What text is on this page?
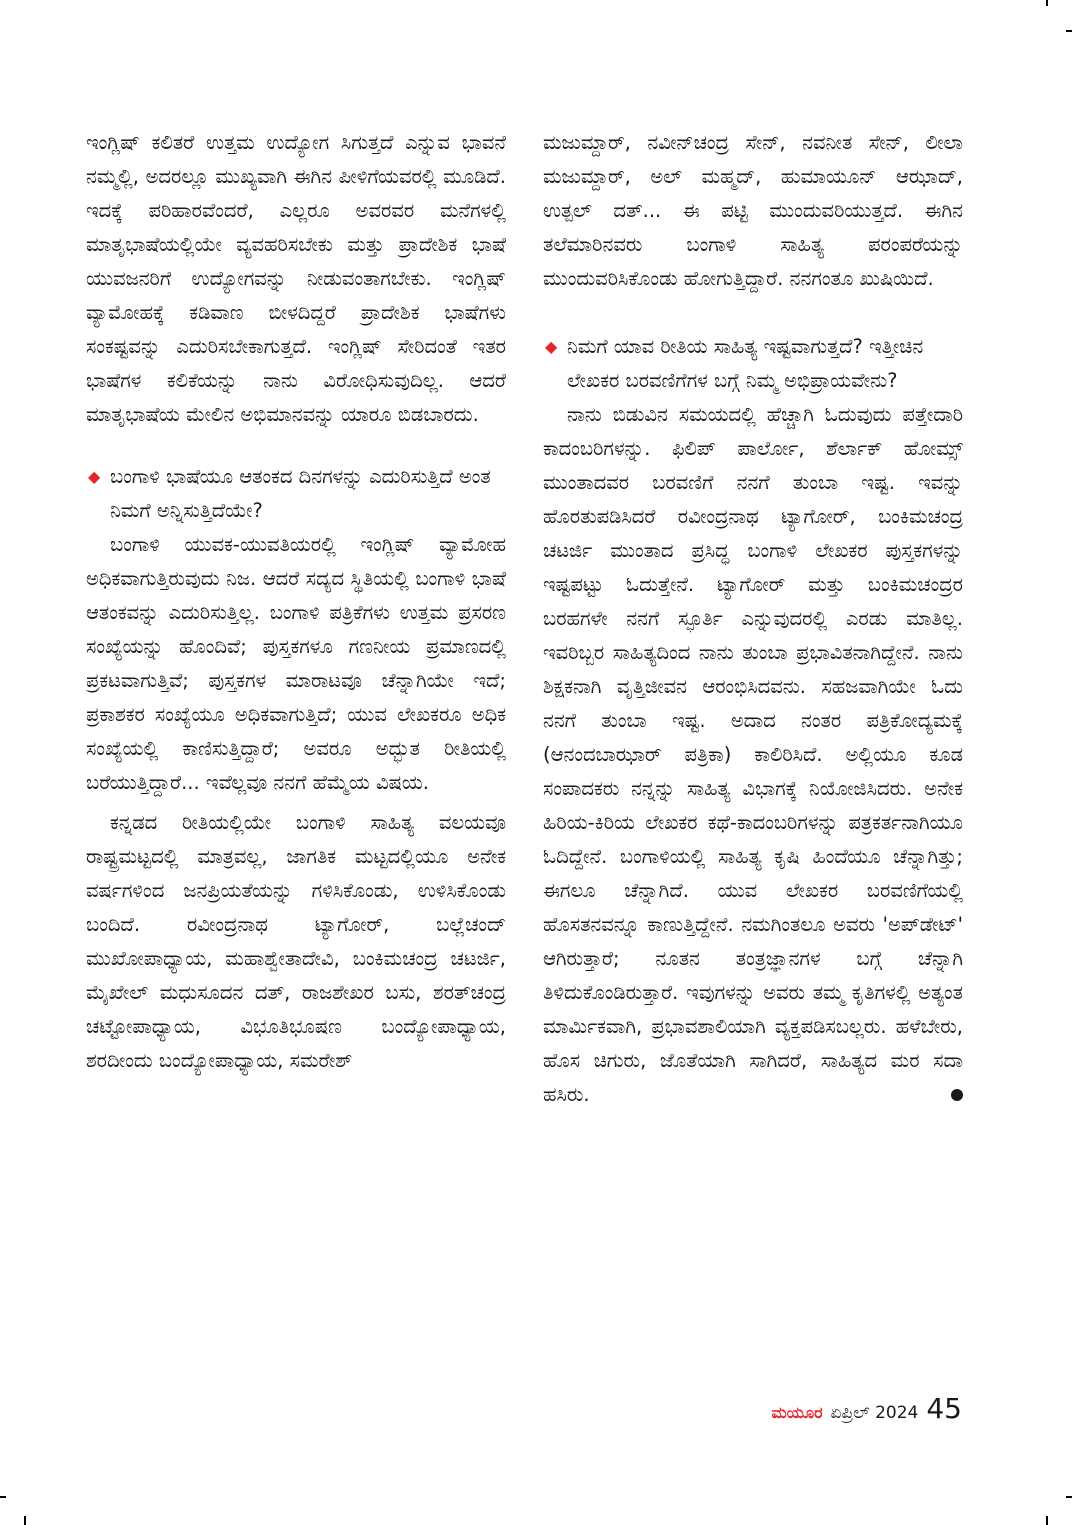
ಇಂಗ್ಲಿಷ್ ಕಲಿತರೆ ಉತ್ತಮ ಉದ್ಯೋಗ ಸಿಗುತ್ತದೆ ಎನ್ನುವ ಭಾವನೆ ನಮ್ಮಲ್ಲಿ, ಅದರಲ್ಲೂ ಮುಖ್ಯವಾಗಿ ಈಗಿನ ಪೀಳಿಗೆಯವರಲ್ಲಿ ಮೂಡಿದೆ. ಇದಕ್ಕೆ ಪರಿಹಾರವೆಂದರೆ, ಎಲ್ಲರೂ ಅವರವರ ಮನೆಗಳಲ್ಲಿ ಮಾತೃಭಾಷೆಯಲ್ಲಿಯೇ ವ್ಯವಹರಿಸಬೇಕು ಮತ್ತು ಪ್ರಾದೇಶಿಕ ಭಾಷೆ ಯುವಜನರಿಗೆ ಉದ್ಯೋಗವನ್ನು ನೀಡುವಂತಾಗಬೇಕು. ಇಂಗ್ಲಿಷ್ ವ್ಯಾಮೋಹಕ್ಕೆ ಕಡಿವಾಣ ಬೀಳದಿದ್ದರೆ ಪ್ರಾದೇಶಿಕ ಭಾಷೆಗಳು ಸಂಕಷ್ಟವನ್ನು ಎದುರಿಸಬೇಕಾಗುತ್ತದೆ. ಇಂಗ್ಲಿಷ್ ಸೇರಿದಂತೆ ಇತರ ಭಾಷೆಗಳ ಕಲಿಕೆಯನ್ನು ನಾನು ವಿರೋಧಿಸುವುದಿಲ್ಲ. ಆದರೆ ಮಾತೃಭಾಷೆಯ ಮೇಲಿನ ಅಭಿಮಾನವನ್ನು ಯಾರೂ ಬಿಡಬಾರದು.

◆ ಬಂಗಾಳಿ ಭಾಷೆಯೂ ಆತಂಕದ ದಿನಗಳನ್ನು ಎದುರಿಸುತ್ತಿದೆ ಅಂತ ನಿಮಗೆ ಅನ್ನಿಸುತ್ತಿದೆಯೇ?

ಬಂಗಾಳಿ ಯುವಕ-ಯುವತಿಯರಲ್ಲಿ ಇಂಗ್ಲಿಷ್ ವ್ಯಾಮೋಹ ಅಧಿಕವಾಗುತ್ತಿರುವುದು ನಿಜ. ಆದರೆ ಸದ್ಯದ ಸ್ಥಿತಿಯಲ್ಲಿ ಬಂಗಾಳಿ ಭಾಷೆ ಆತಂಕವನ್ನು ಎದುರಿಸುತ್ತಿಲ್ಲ. ಬಂಗಾಳಿ ಪತ್ರಿಕೆಗಳು ಉತ್ತಮ ಪ್ರಸರಣ ಸಂಖ್ಯೆಯನ್ನು ಹೊಂದಿವೆ; ಪುಸ್ತಕಗಳೂ ಗಣನೀಯ ಪ್ರಮಾಣದಲ್ಲಿ ಪ್ರಕಟವಾಗುತ್ತಿವೆ; ಪುಸ್ತಕಗಳ ಮಾರಾಟವೂ ಚೆನ್ನಾಗಿಯೇ ಇದೆ; ಪ್ರಕಾಶಕರ ಸಂಖ್ಯೆಯೂ ಅಧಿಕವಾಗುತ್ತಿದೆ; ಯುವ ಲೇಖಕರೂ ಅಧಿಕ ಸಂಖ್ಯೆಯಲ್ಲಿ ಕಾಣಿಸುತ್ತಿದ್ದಾರೆ; ಅವರೂ ಅದ್ಭುತ ರೀತಿಯಲ್ಲಿ ಬರೆಯುತ್ತಿದ್ದಾರೆ... ಇವೆಲ್ಲವೂ ನನಗೆ ಹೆಮ್ಮೆಯ ವಿಷಯ.

ಕನ್ನಡದ ರೀತಿಯಲ್ಲಿಯೇ ಬಂಗಾಳಿ ಸಾಹಿತ್ಯ ವಲಯವೂ ರಾಷ್ಟ್ರಮಟ್ಟದಲ್ಲಿ ಮಾತ್ರವಲ್ಲ, ಜಾಗತಿಕ ಮಟ್ಟದಲ್ಲಿಯೂ ಅನೇಕ ವರ್ಷಗಳಿಂದ ಜನಪ್ರಿಯತೆಯನ್ನು ಗಳಿಸಿಕೊಂಡು, ಉಳಿಸಿಕೊಂಡು ಬಂದಿದೆ. ರವೀಂದ್ರನಾಥ ಟ್ಯಾಗೋರ್, ಬಲ್ಲೆಚಂದ್ ಮುಖೋಪಾಧ್ಯಾಯ, ಮಹಾಶ್ವೇತಾದೇವಿ, ಬಂಕಿಮಚಂದ್ರ ಚಟರ್ಜಿ, ಮೈಖೇಲ್ ಮಧುಸೂದನ ದತ್, ರಾಜಶೇಖರ ಬಸು, ಶರತ್‌ಚಂದ್ರ ಚಟ್ಟೋಪಾಧ್ಯಾಯ, ವಿಭೂತಿಭೂಷಣ ಬಂದ್ಯೋಪಾಧ್ಯಾಯ, ಶರದೀಂದು ಬಂದ್ಯೋಪಾಧ್ಯಾಯ, ಸಮರೇಶ್

ಮಜುಮ್ದಾರ್, ನವೀನ್‌ಚಂದ್ರ ಸೇನ್, ನವನೀತ ಸೇನ್, ಲೀಲಾ ಮಜುಮ್ದಾರ್, ಅಲ್ ಮಹ್ಮದ್, ಹುಮಾಯೂನ್ ಆಝಾದ್, ಉತ್ಪಲ್ ದತ್... ಈ ಪಟ್ಟಿ ಮುಂದುವರಿಯುತ್ತದೆ. ಈಗಿನ ತಲೆಮಾರಿನವರು ಬಂಗಾಳಿ ಸಾಹಿತ್ಯ ಪರಂಪರೆಯನ್ನು ಮುಂದುವರಿಸಿಕೊಂಡು ಹೋಗುತ್ತಿದ್ದಾರೆ. ನನಗಂತೂ ಖುಷಿಯಿದೆ.

◆ ನಿಮಗೆ ಯಾವ ರೀತಿಯ ಸಾಹಿತ್ಯ ಇಷ್ಟವಾಗುತ್ತದೆ? ಇತ್ತೀಚಿನ ಲೇಖಕರ ಬರವಣಿಗೆಗಳ ಬಗ್ಗೆ ನಿಮ್ಮ ಅಭಿಪ್ರಾಯವೇನು?

ನಾನು ಬಿಡುವಿನ ಸಮಯದಲ್ಲಿ ಹೆಚ್ಚಾಗಿ ಓದುವುದು ಪತ್ತೇದಾರಿ ಕಾದಂಬರಿಗಳನ್ನು. ಫಿಲಿಪ್ ಪಾರ್ಲೋ, ಶೆರ್ಲಾಕ್ ಹೋಮ್ಸ್ ಮುಂತಾದವರ ಬರವಣಿಗೆ ನನಗೆ ತುಂಬಾ ಇಷ್ಟ. ಇವನ್ನು ಹೊರತುಪಡಿಸಿದರೆ ರವೀಂದ್ರನಾಥ ಟ್ಯಾಗೋರ್, ಬಂಕಿಮಚಂದ್ರ ಚಟರ್ಜಿ ಮುಂತಾದ ಪ್ರಸಿದ್ಧ ಬಂಗಾಳಿ ಲೇಖಕರ ಪುಸ್ತಕಗಳನ್ನು ಇಷ್ಟಪಟ್ಟು ಓದುತ್ತೇನೆ. ಟ್ಯಾಗೋರ್ ಮತ್ತು ಬಂಕಿಮಚಂದ್ರರ ಬರಹಗಳೇ ನನಗೆ ಸ್ಫೂರ್ತಿ ಎನ್ನುವುದರಲ್ಲಿ ಎರಡು ಮಾತಿಲ್ಲ. ಇವರಿಬ್ಬರ ಸಾಹಿತ್ಯದಿಂದ ನಾನು ತುಂಬಾ ಪ್ರಭಾವಿತನಾಗಿದ್ದೇನೆ. ನಾನು ಶಿಕ್ಷಕನಾಗಿ ವೃತ್ತಿಜೀವನ ಆರಂಭಿಸಿದವನು. ಸಹಜವಾಗಿಯೇ ಓದು ನನಗೆ ತುಂಬಾ ಇಷ್ಟ. ಅದಾದ ನಂತರ ಪತ್ರಿಕೋದ್ಯಮಕ್ಕೆ (ಆನಂದಬಾಝಾರ್ ಪತ್ರಿಕಾ) ಕಾಲಿರಿಸಿದೆ. ಅಲ್ಲಿಯೂ ಕೂಡ ಸಂಪಾದಕರು ನನ್ನನ್ನು ಸಾಹಿತ್ಯ ವಿಭಾಗಕ್ಕೆ ನಿಯೋಜಿಸಿದರು. ಅನೇಕ ಹಿರಿಯ-ಕಿರಿಯ ಲೇಖಕರ ಕಥೆ-ಕಾದಂಬರಿಗಳನ್ನು ಪತ್ರಕರ್ತನಾಗಿಯೂ ಓದಿದ್ದೇನೆ. ಬಂಗಾಳಿಯಲ್ಲಿ ಸಾಹಿತ್ಯ ಕೃಷಿ ಹಿಂದೆಯೂ ಚೆನ್ನಾಗಿತ್ತು; ಈಗಲೂ ಚೆನ್ನಾಗಿದೆ. ಯುವ ಲೇಖಕರ ಬರವಣಿಗೆಯಲ್ಲಿ ಹೊಸತನವನ್ನೂ ಕಾಣುತ್ತಿದ್ದೇನೆ. ನಮಗಿಂತಲೂ ಅವರು 'ಅಪ್‌ಡೇಟ್' ಆಗಿರುತ್ತಾರೆ; ನೂತನ ತಂತ್ರಜ್ಞಾನಗಳ ಬಗ್ಗೆ ಚೆನ್ನಾಗಿ ತಿಳಿದುಕೊಂಡಿರುತ್ತಾರೆ. ಇವುಗಳನ್ನು ಅವರು ತಮ್ಮ ಕೃತಿಗಳಲ್ಲಿ ಅತ್ಯಂತ ಮಾರ್ಮಿಕವಾಗಿ, ಪ್ರಭಾವಶಾಲಿಯಾಗಿ ವ್ಯಕ್ತಪಡಿಸಬಲ್ಲರು. ಹಳೆಬೇರು, ಹೊಸ ಚಿಗುರು, ಜೊತೆಯಾಗಿ ಸಾಗಿದರೆ, ಸಾಹಿತ್ಯದ ಮರ ಸದಾ ಹಸಿರು.

ಮಯೂರ ಏಪ್ರಿಲ್ 2024 45
